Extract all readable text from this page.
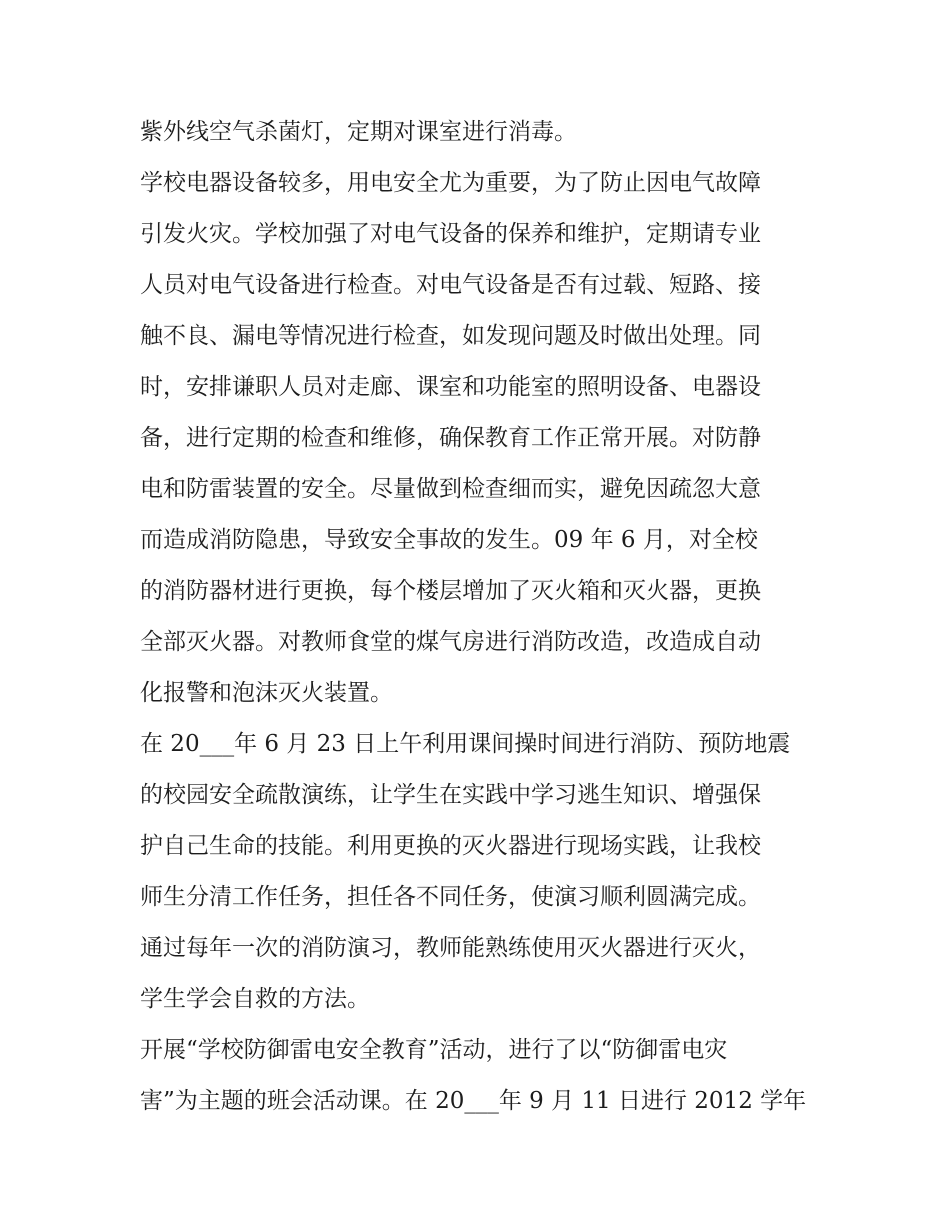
紫外线空气杀菌灯，定期对课室进行消毒。
学校电器设备较多，用电安全尤为重要，为了防止因电气故障
引发火灾。学校加强了对电气设备的保养和维护，定期请专业
人员对电气设备进行检查。对电气设备是否有过载、短路、接
触不良、漏电等情况进行检查，如发现问题及时做出处理。同
时，安排谦职人员对走廊、课室和功能室的照明设备、电器设
备，进行定期的检查和维修，确保教育工作正常开展。对防静
电和防雷装置的安全。尽量做到检查细而实，避免因疏忽大意
而造成消防隐患，导致安全事故的发生。09 年 6 月，对全校
的消防器材进行更换，每个楼层增加了灭火箱和灭火器，更换
全部灭火器。对教师食堂的煤气房进行消防改造，改造成自动
化报警和泡沫灭火装置。
在 20___年 6 月 23 日上午利用课间操时间进行消防、预防地震
的校园安全疏散演练，让学生在实践中学习逃生知识、增强保
护自己生命的技能。利用更换的灭火器进行现场实践，让我校
师生分清工作任务，担任各不同任务，使演习顺利圆满完成。
通过每年一次的消防演习，教师能熟练使用灭火器进行灭火，
学生学会自救的方法。
开展“学校防御雷电安全教育”活动，进行了以“防御雷电灾
害”为主题的班会活动课。在 20___年 9 月 11 日进行 2012 学年
